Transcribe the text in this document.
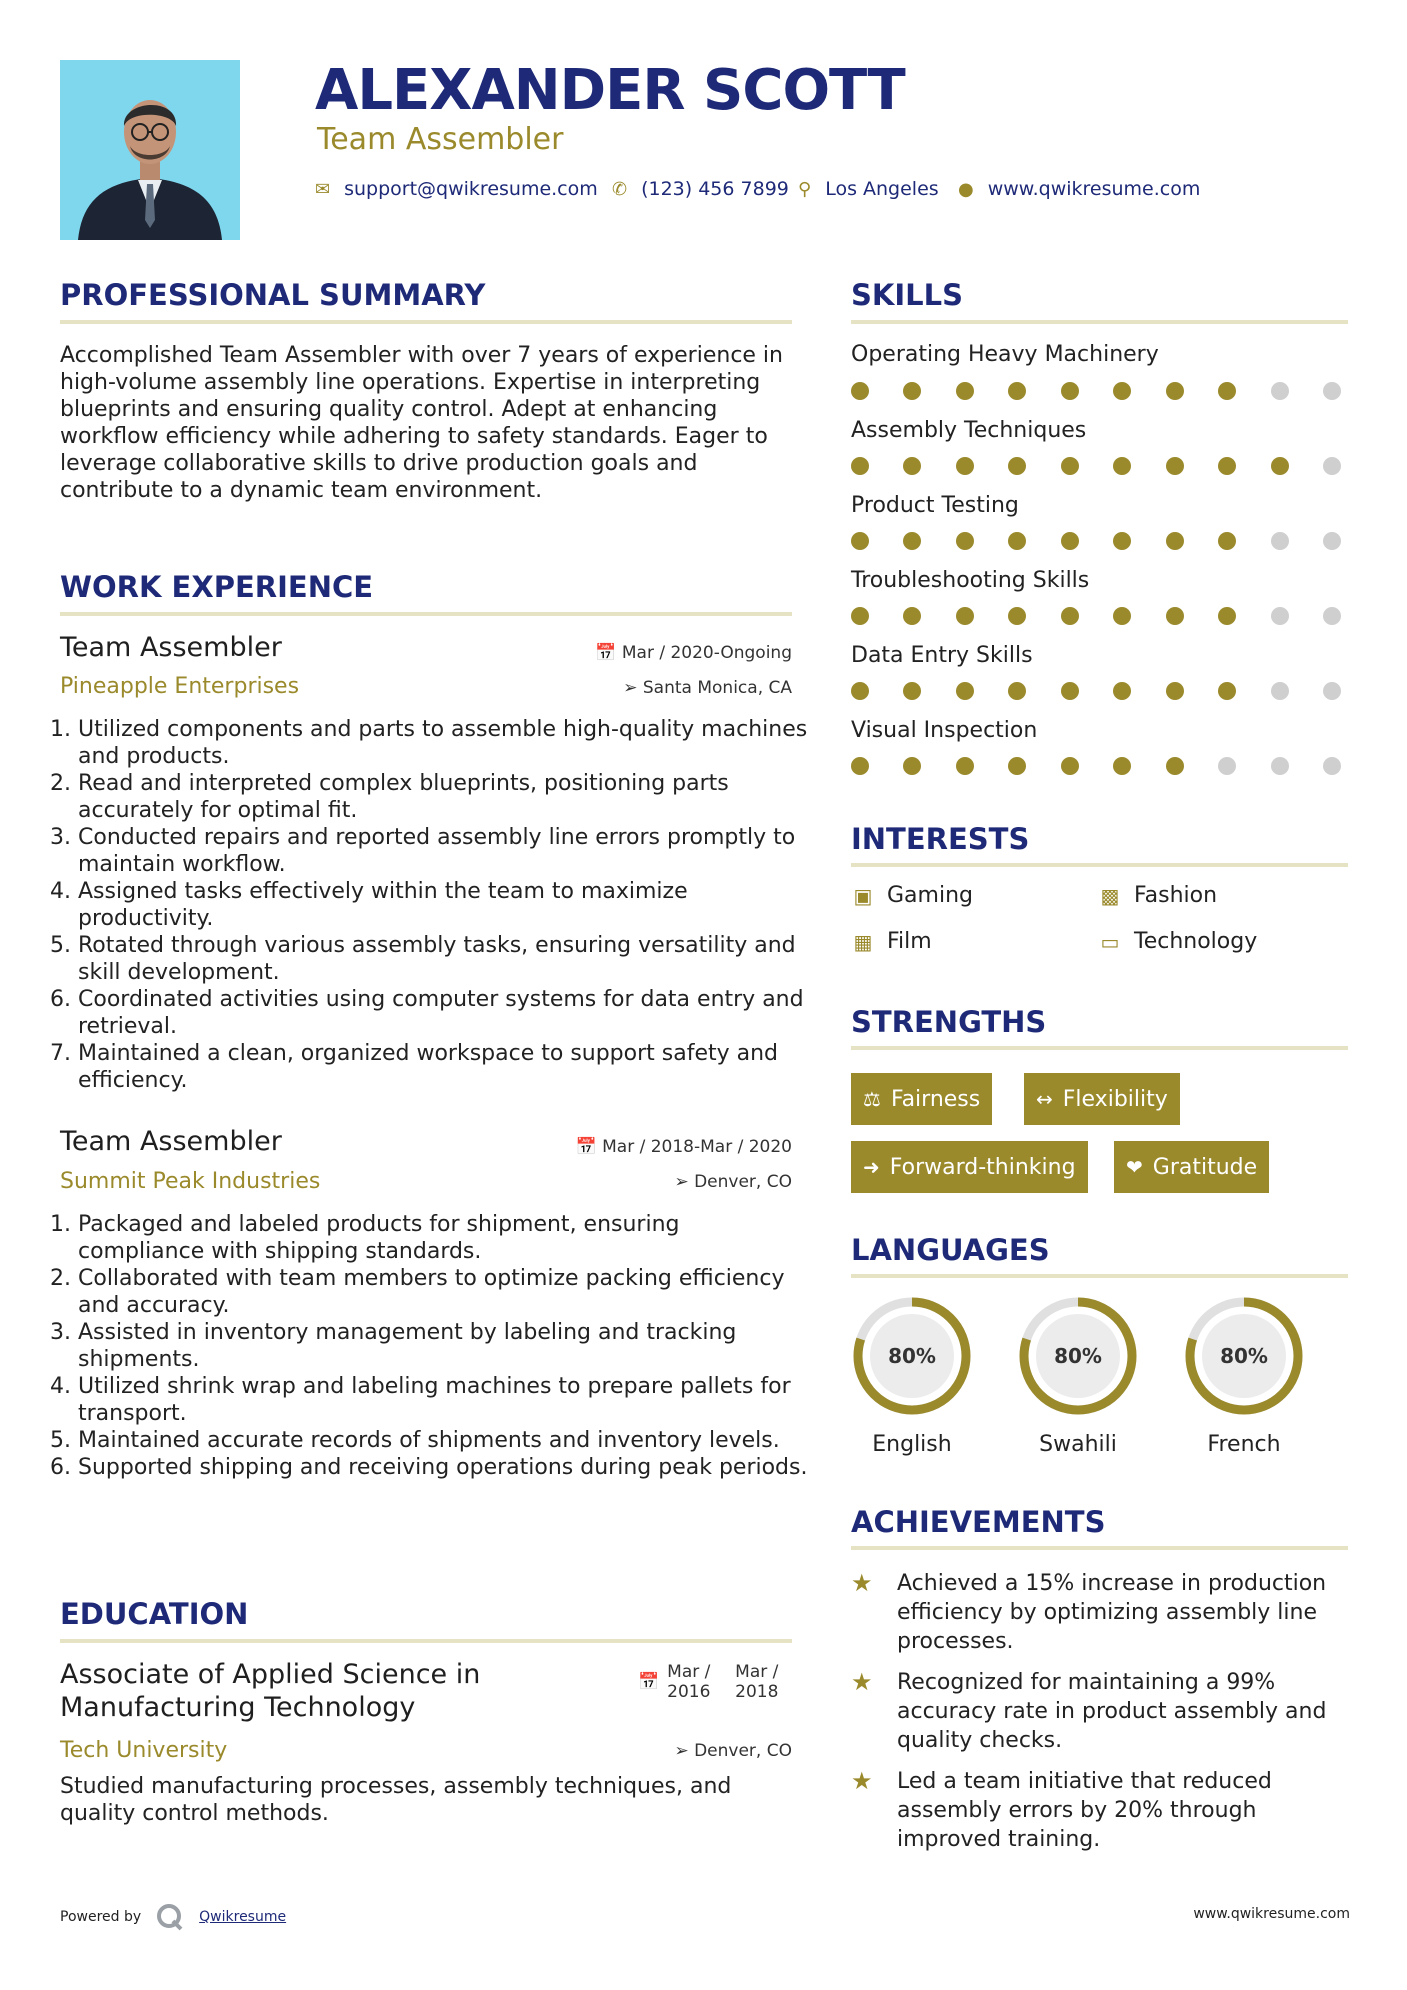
ALEXANDER SCOTT
Team Assembler
✉ support@qwikresume.com ✆ (123) 456 7899 ⚲ Los Angeles ● www.qwikresume.com
PROFESSIONAL SUMMARY
Accomplished Team Assembler with over 7 years of experience in high-volume assembly line operations. Expertise in interpreting blueprints and ensuring quality control. Adept at enhancing workflow efficiency while adhering to safety standards. Eager to leverage collaborative skills to drive production goals and contribute to a dynamic team environment.
WORK EXPERIENCE
Team Assembler
Pineapple Enterprises
📅 Mar / 2020-Ongoing
➢ Santa Monica, CA
1. Utilized components and parts to assemble high-quality machines and products.
2. Read and interpreted complex blueprints, positioning parts accurately for optimal fit.
3. Conducted repairs and reported assembly line errors promptly to maintain workflow.
4. Assigned tasks effectively within the team to maximize productivity.
5. Rotated through various assembly tasks, ensuring versatility and skill development.
6. Coordinated activities using computer systems for data entry and retrieval.
7. Maintained a clean, organized workspace to support safety and efficiency.
Team Assembler
Summit Peak Industries
📅 Mar / 2018-Mar / 2020
➢ Denver, CO
1. Packaged and labeled products for shipment, ensuring compliance with shipping standards.
2. Collaborated with team members to optimize packing efficiency and accuracy.
3. Assisted in inventory management by labeling and tracking shipments.
4. Utilized shrink wrap and labeling machines to prepare pallets for transport.
5. Maintained accurate records of shipments and inventory levels.
6. Supported shipping and receiving operations during peak periods.
EDUCATION
Associate of Applied Science in
Manufacturing Technology
Tech University
📅 Mar /
2016
Mar /
2018
➢ Denver, CO
Studied manufacturing processes, assembly techniques, and quality control methods.
SKILLS
Operating Heavy Machinery
Assembly Techniques
Product Testing
Troubleshooting Skills
Data Entry Skills
Visual Inspection
INTERESTS
▣ Gaming	▩ Fashion
▦ Film	▭ Technology
STRENGTHS
⚖ Fairness	↔ Flexibility
➜ Forward-thinking	❤ Gratitude
LANGUAGES
80%
English
80%
Swahili
80%
French
ACHIEVEMENTS
★	Achieved a 15% increase in production efficiency by optimizing assembly line processes.
★	Recognized for maintaining a 99% accuracy rate in product assembly and quality checks.
★	Led a team initiative that reduced assembly errors by 20% through improved training.
Powered by	Qwikresume	www.qwikresume.com
